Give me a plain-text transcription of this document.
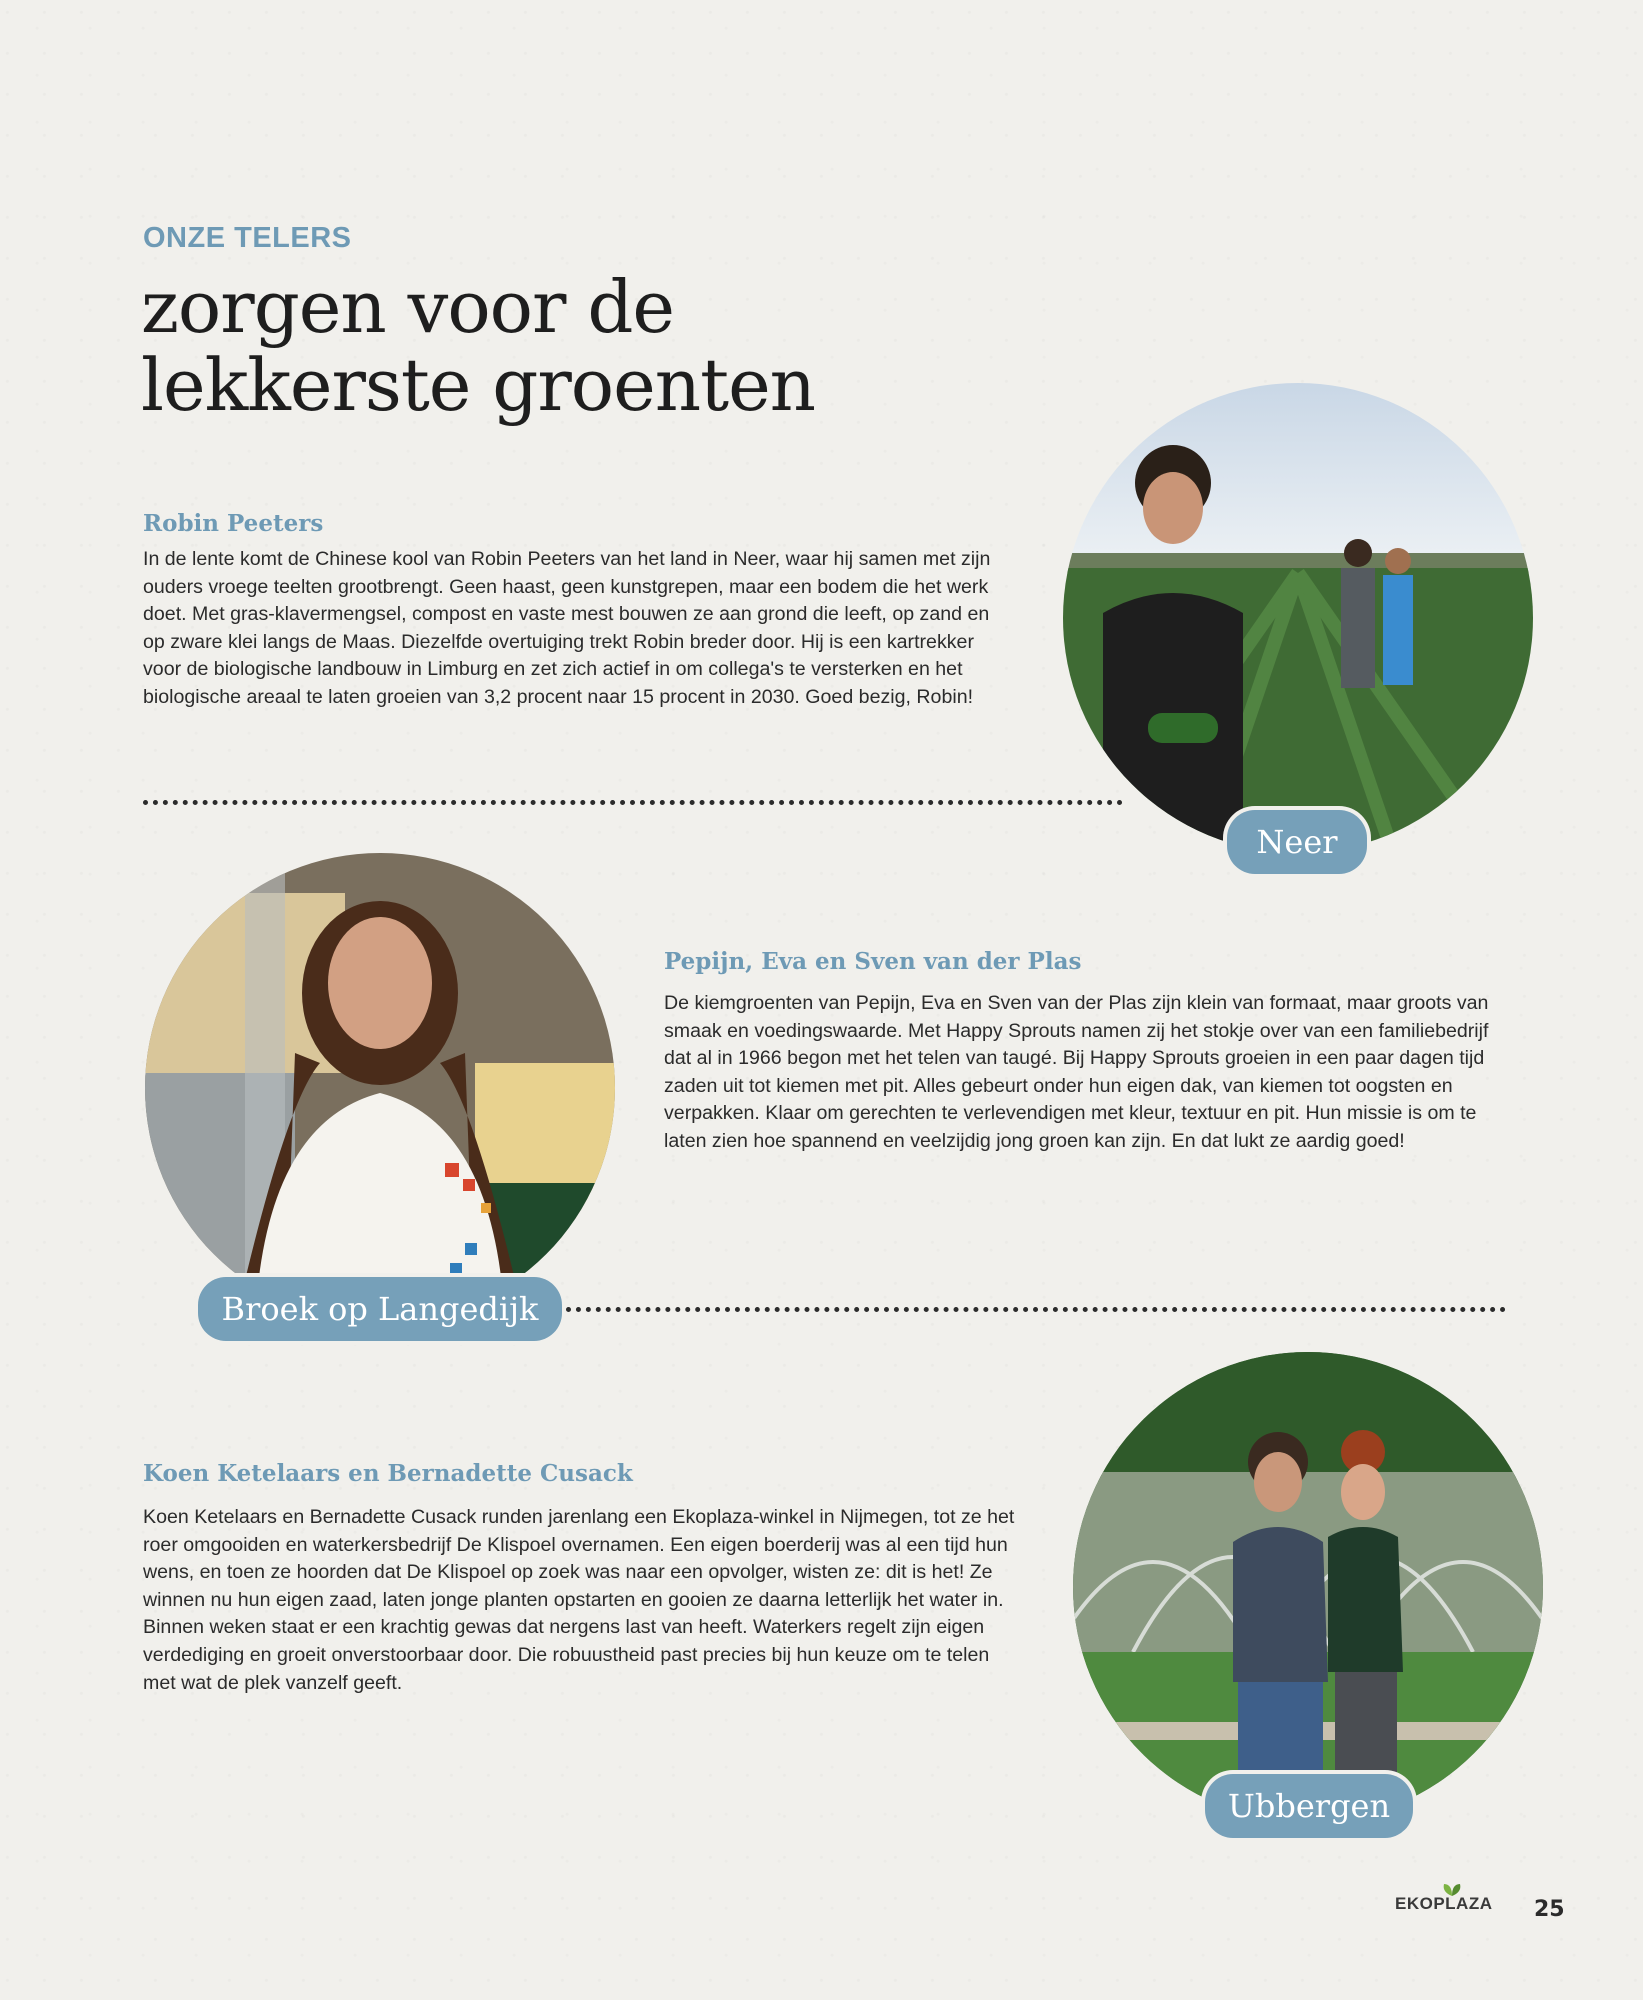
ONZE TELERS
zorgen voor de
lekkerste groenten
Robin Peeters

In de lente komt de Chinese kool van Robin Peeters van het land in Neer, waar hij samen met zijn ouders vroege teelten grootbrengt. Geen haast, geen kunstgrepen, maar een bodem die het werk doet. Met gras-klavermengsel, compost en vaste mest bouwen ze aan grond die leeft, op zand en op zware klei langs de Maas. Diezelfde overtuiging trekt Robin breder door. Hij is een kartrekker voor de biologische landbouw in Limburg en zet zich actief in om collega's te versterken en het biologische areaal te laten groeien van 3,2 procent naar 15 procent in 2030. Goed bezig, Robin!

Neer
Broek op Langedijk
Pepijn, Eva en Sven van der Plas

De kiemgroenten van Pepijn, Eva en Sven van der Plas zijn klein van formaat, maar groots van smaak en voedingswaarde. Met Happy Sprouts namen zij het stokje over van een familiebedrijf dat al in 1966 begon met het telen van taugé. Bij Happy Sprouts groeien in een paar dagen tijd zaden uit tot kiemen met pit. Alles gebeurt onder hun eigen dak, van kiemen tot oogsten en verpakken. Klaar om gerechten te verlevendigen met kleur, textuur en pit. Hun missie is om te laten zien hoe spannend en veelzijdig jong groen kan zijn. En dat lukt ze aardig goed!

Koen Ketelaars en Bernadette Cusack

Koen Ketelaars en Bernadette Cusack runden jarenlang een Ekoplaza-winkel in Nijmegen, tot ze het roer omgooiden en waterkersbedrijf De Klispoel overnamen. Een eigen boerderij was al een tijd hun wens, en toen ze hoorden dat De Klispoel op zoek was naar een opvolger, wisten ze: dit is het! Ze winnen nu hun eigen zaad, laten jonge planten opstarten en gooien ze daarna letterlijk het water in. Binnen weken staat er een krachtig gewas dat nergens last van heeft. Waterkers regelt zijn eigen verdediging en groeit onverstoorbaar door. Die robuustheid past precies bij hun keuze om te telen met wat de plek vanzelf geeft.

Ubbergen
EKOPLAZA 25
